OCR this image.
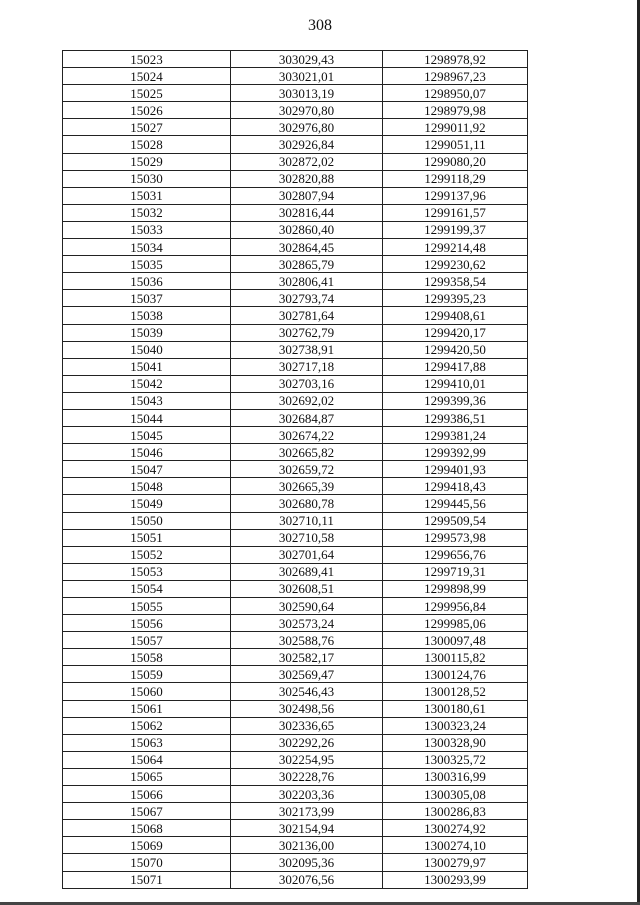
308
15023	303029,43	1298978,92
15024	303021,01	1298967,23
15025	303013,19	1298950,07
15026	302970,80	1298979,98
15027	302976,80	1299011,92
15028	302926,84	1299051,11
15029	302872,02	1299080,20
15030	302820,88	1299118,29
15031	302807,94	1299137,96
15032	302816,44	1299161,57
15033	302860,40	1299199,37
15034	302864,45	1299214,48
15035	302865,79	1299230,62
15036	302806,41	1299358,54
15037	302793,74	1299395,23
15038	302781,64	1299408,61
15039	302762,79	1299420,17
15040	302738,91	1299420,50
15041	302717,18	1299417,88
15042	302703,16	1299410,01
15043	302692,02	1299399,36
15044	302684,87	1299386,51
15045	302674,22	1299381,24
15046	302665,82	1299392,99
15047	302659,72	1299401,93
15048	302665,39	1299418,43
15049	302680,78	1299445,56
15050	302710,11	1299509,54
15051	302710,58	1299573,98
15052	302701,64	1299656,76
15053	302689,41	1299719,31
15054	302608,51	1299898,99
15055	302590,64	1299956,84
15056	302573,24	1299985,06
15057	302588,76	1300097,48
15058	302582,17	1300115,82
15059	302569,47	1300124,76
15060	302546,43	1300128,52
15061	302498,56	1300180,61
15062	302336,65	1300323,24
15063	302292,26	1300328,90
15064	302254,95	1300325,72
15065	302228,76	1300316,99
15066	302203,36	1300305,08
15067	302173,99	1300286,83
15068	302154,94	1300274,92
15069	302136,00	1300274,10
15070	302095,36	1300279,97
15071	302076,56	1300293,99
